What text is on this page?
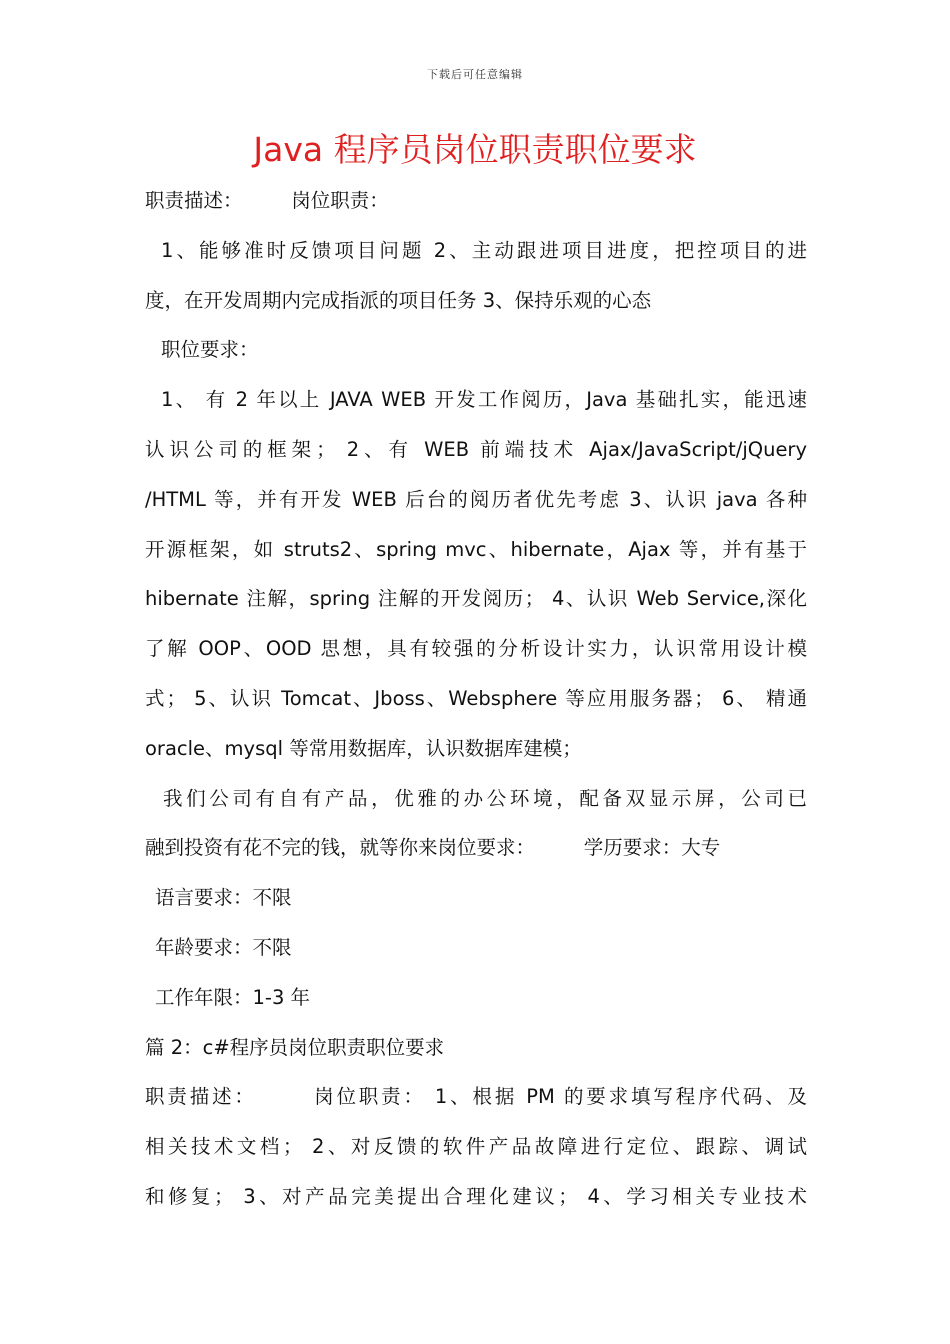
下载后可任意编辑
Java 程序员岗位职责职位要求
职责描述：　　　岗位职责：
1、能够准时反馈项目问题 2、主动跟进项目进度，把控项目的进
度，在开发周期内完成指派的项目任务 3、保持乐观的心态
职位要求：
1、 有 2 年以上 JAVA WEB 开发工作阅历，Java 基础扎实，能迅速
认识公司的框架； 2、有 WEB 前端技术 Ajax/JavaScript/jQuery
/HTML 等，并有开发 WEB 后台的阅历者优先考虑 3、认识 java 各种
开源框架，如 struts2、spring mvc、hibernate，Ajax 等，并有基于
hibernate 注解，spring 注解的开发阅历； 4、认识 Web Service,深化
了解 OOP、OOD 思想，具有较强的分析设计实力，认识常用设计模
式； 5、认识 Tomcat、Jboss、Websphere 等应用服务器； 6、 精通
oracle、mysql 等常用数据库，认识数据库建模；
我们公司有自有产品，优雅的办公环境，配备双显示屏，公司已
融到投资有花不完的钱，就等你来岗位要求：　　　学历要求：大专
语言要求：不限
年龄要求：不限
工作年限：1-3 年
篇 2：c#程序员岗位职责职位要求
职责描述：　　　岗位职责： 1、根据 PM 的要求填写程序代码、及
相关技术文档； 2、对反馈的软件产品故障进行定位、跟踪、调试
和修复； 3、对产品完美提出合理化建议； 4、学习相关专业技术
